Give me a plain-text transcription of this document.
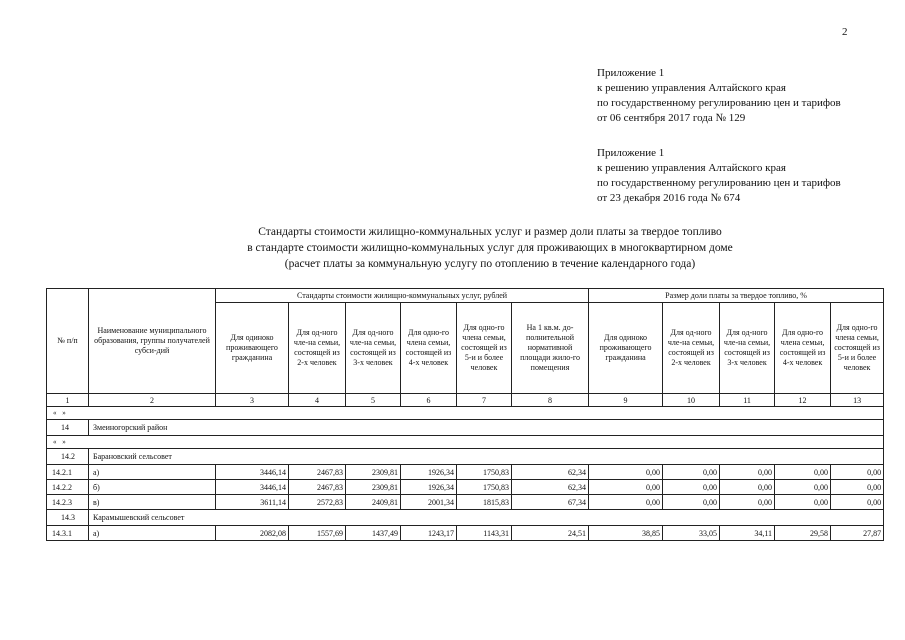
2
Приложение 1
к решению управления Алтайского края
по государственному регулированию цен и тарифов
от 06 сентября 2017 года № 129
Приложение 1
к решению управления Алтайского края
по государственному регулированию цен и тарифов
от 23 декабря 2016 года № 674
Стандарты стоимости жилищно-коммунальных услуг и размер доли платы за твердое топливо
в стандарте стоимости жилищно-коммунальных услуг для проживающих в многоквартирном доме
(расчет платы за коммунальную услугу по отоплению в течение календарного года)
№ п/п	Наименование муниципального образования, группы получателей субси-дий	Стандарты стоимости жилищно-коммунальных услуг, рублей						Размер доли платы за твердое топливо, %				
		Для одиноко проживающего гражданина	Для од-ного чле-на семьи, состоящей из 2-х человек	Для од-ного чле-на семьи, состоящей из 3-х человек	Для одно-го члена семьи, состоящей из 4-х человек	Для одно-го члена семьи, состоящей из 5-и и более человек	На 1 кв.м. до-полнительной нормативной площади жило-го помещения	Для одиноко проживающего гражданина	Для од-ного чле-на семьи, состоящей из 2-х человек	Для од-ного чле-на семьи, состоящей из 3-х человек	Для одно-го члена семьи, состоящей из 4-х человек	Для одно-го члена семьи, состоящей из 5-и и более человек
1	2	3	4	5	6	7	8	9	10	11	12	13
« »												
14	Змеиногорский район											
« »												
14.2	Барановский сельсовет											
14.2.1	а)	3446,14	2467,83	2309,81	1926,34	1750,83	62,34	0,00	0,00	0,00	0,00	0,00
14.2.2	б)	3446,14	2467,83	2309,81	1926,34	1750,83	62,34	0,00	0,00	0,00	0,00	0,00
14.2.3	в)	3611,14	2572,83	2409,81	2001,34	1815,83	67,34	0,00	0,00	0,00	0,00	0,00
14.3	Карамышевский сельсовет											
14.3.1	а)	2082,08	1557,69	1437,49	1243,17	1143,31	24,51	38,85	33,05	34,11	29,58	27,87
